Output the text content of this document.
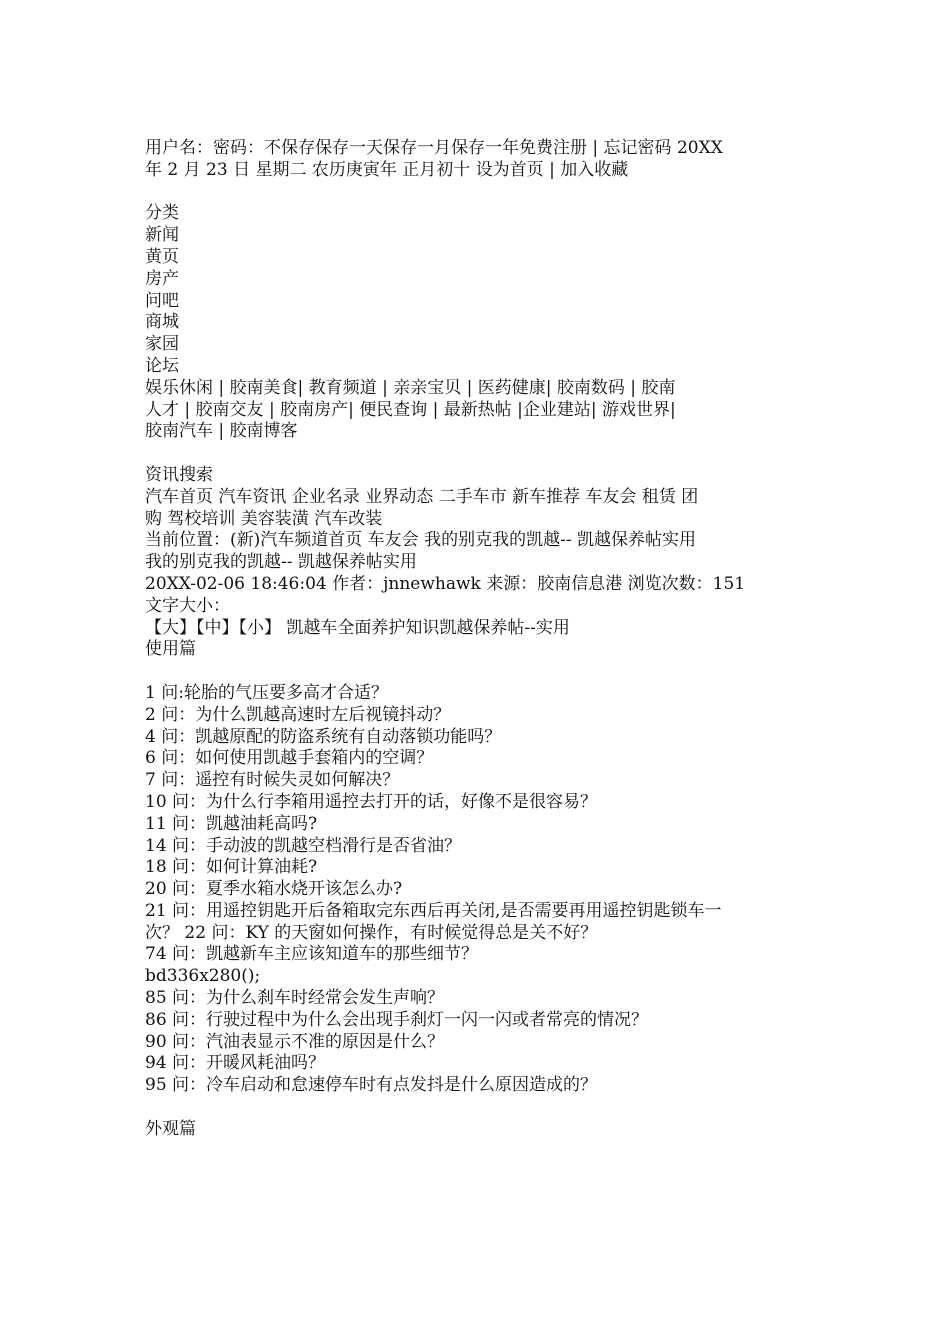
用户名：密码：不保存保存一天保存一月保存一年免费注册 | 忘记密码 20XX
年 2 月 23 日 星期二 农历庚寅年 正月初十 设为首页 | 加入收藏
分类
新闻
黄页
房产
问吧
商城
家园
论坛
娱乐休闲 | 胶南美食| 教育频道 | 亲亲宝贝 | 医药健康| 胶南数码 | 胶南
人才 | 胶南交友 | 胶南房产| 便民查询 | 最新热帖 |企业建站| 游戏世界|
胶南汽车 | 胶南博客
资讯搜索
汽车首页 汽车资讯 企业名录 业界动态 二手车市 新车推荐 车友会 租赁 团
购 驾校培训 美容装潢 汽车改装
当前位置：(新)汽车频道首页 车友会 我的别克我的凯越-- 凯越保养帖实用
我的别克我的凯越-- 凯越保养帖实用
20XX-02-06 18:46:04 作者：jnnewhawk 来源：胶南信息港 浏览次数：151
文字大小：
【大】【中】【小】 凯越车全面养护知识凯越保养帖--实用
使用篇
1 问:轮胎的气压要多高才合适？
2 问：为什么凯越高速时左后视镜抖动？
4 问：凯越原配的防盗系统有自动落锁功能吗？
6 问：如何使用凯越手套箱内的空调？
7 问：遥控有时候失灵如何解决？
10 问：为什么行李箱用遥控去打开的话，好像不是很容易？
11 问：凯越油耗高吗?
14 问：手动波的凯越空档滑行是否省油？
18 问：如何计算油耗?
20 问：夏季水箱水烧开该怎么办?
21 问：用遥控钥匙开后备箱取完东西后再关闭,是否需要再用遥控钥匙锁车一
次？ 22 问：KY 的天窗如何操作，有时候觉得总是关不好？
74 问：凯越新车主应该知道车的那些细节？
bd336x280();
85 问：为什么刹车时经常会发生声响？
86 问：行驶过程中为什么会出现手刹灯一闪一闪或者常亮的情况？
90 问：汽油表显示不准的原因是什么？
94 问：开暖风耗油吗？
95 问：冷车启动和怠速停车时有点发抖是什么原因造成的？
外观篇
